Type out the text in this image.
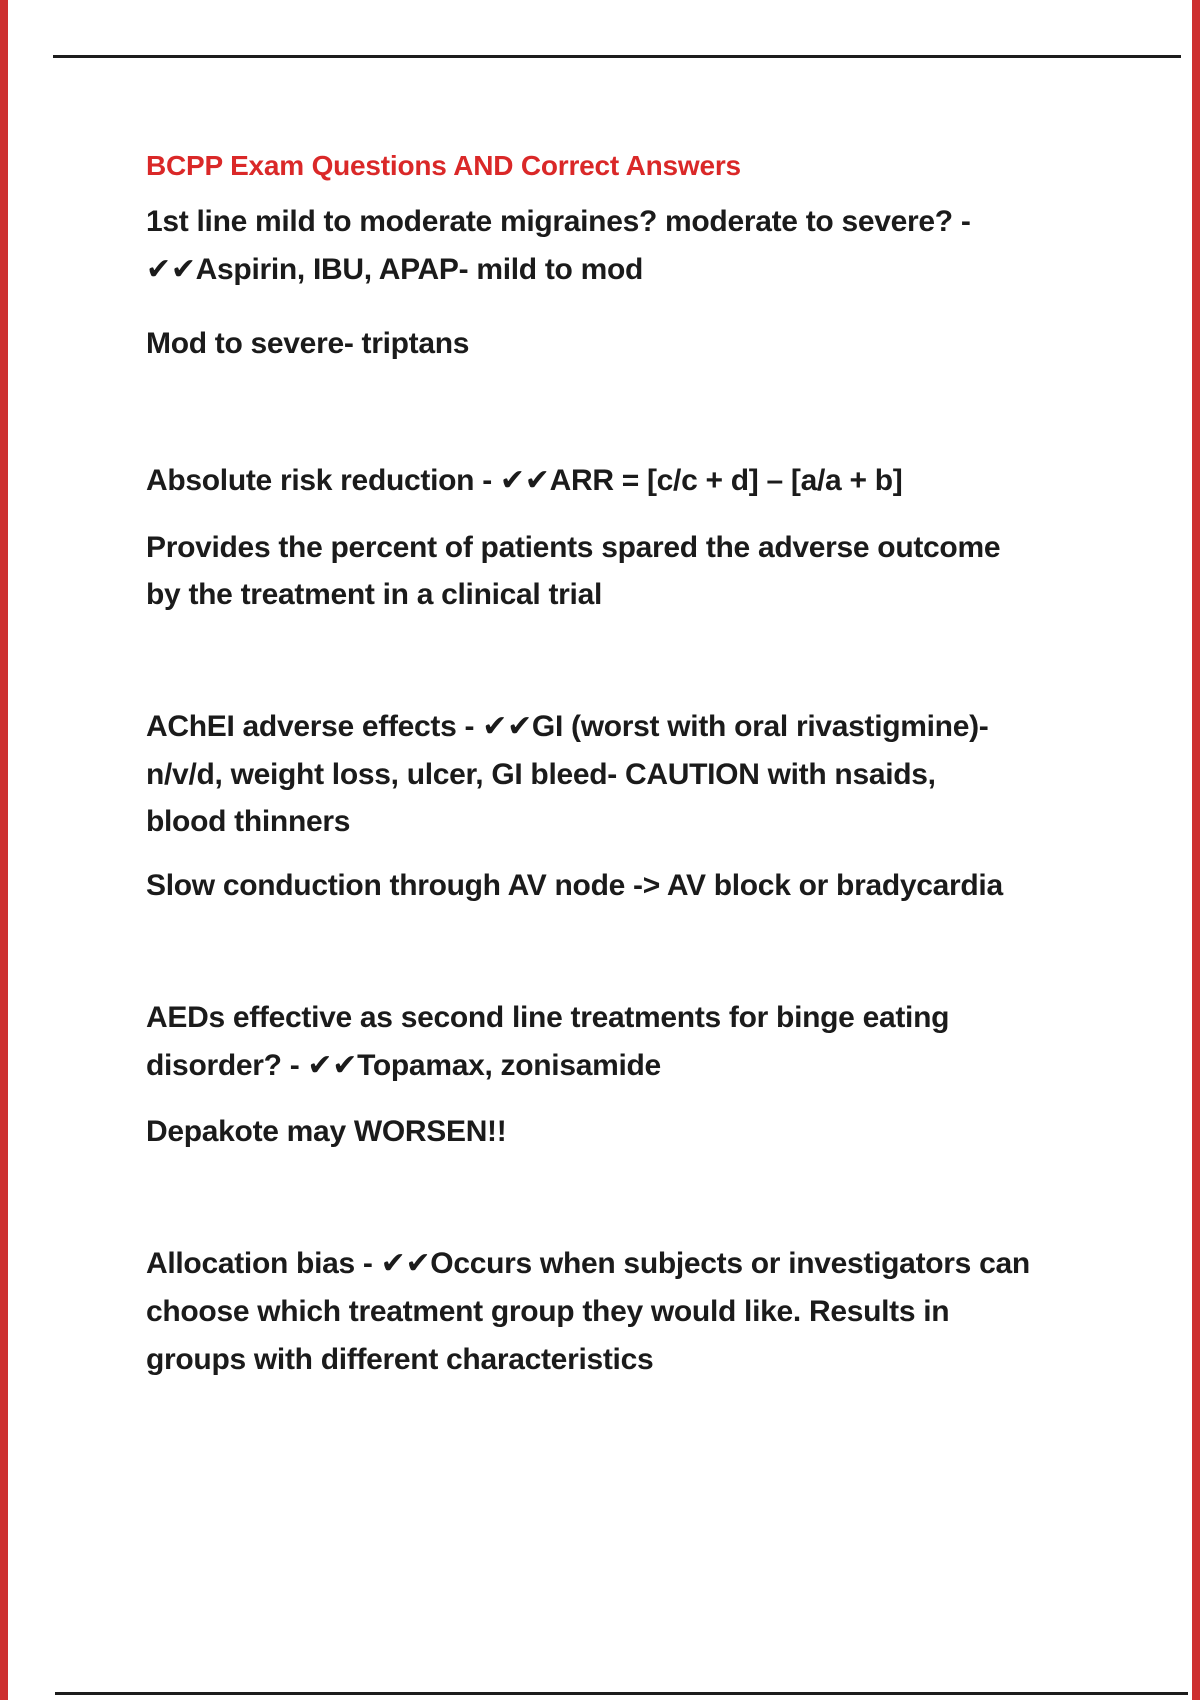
BCPP Exam Questions AND Correct Answers
1st line mild to moderate migraines? moderate to severe? -
✔✔Aspirin, IBU, APAP- mild to mod
Mod to severe- triptans
Absolute risk reduction - ✔✔ARR = [c/c + d] – [a/a + b]
Provides the percent of patients spared the adverse outcome
by the treatment in a clinical trial
AChEI adverse effects - ✔✔GI (worst with oral rivastigmine)-
n/v/d, weight loss, ulcer, GI bleed- CAUTION with nsaids,
blood thinners
Slow conduction through AV node -> AV block or bradycardia
AEDs effective as second line treatments for binge eating
disorder? - ✔✔Topamax, zonisamide
Depakote may WORSEN!!
Allocation bias - ✔✔Occurs when subjects or investigators can
choose which treatment group they would like. Results in
groups with different characteristics
